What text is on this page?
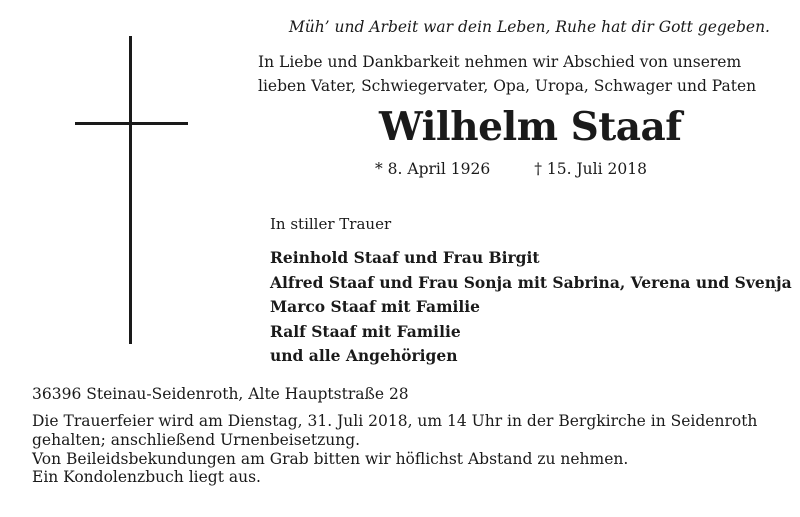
Müh’ und Arbeit war dein Leben, Ruhe hat dir Gott gegeben.
In Liebe und Dankbarkeit nehmen wir Abschied von unserem
lieben Vater, Schwiegervater, Opa, Uropa, Schwager und Paten
Wilhelm Staaf
* 8. April 1926	† 15. Juli 2018
In stiller Trauer
Reinhold Staaf und Frau Birgit
Alfred Staaf und Frau Sonja mit Sabrina, Verena und Svenja
Marco Staaf mit Familie
Ralf Staaf mit Familie
und alle Angehörigen
36396 Steinau-Seidenroth, Alte Hauptstraße 28
Die Trauerfeier wird am Dienstag, 31. Juli 2018, um 14 Uhr in der Bergkirche in Seidenroth
gehalten; anschließend Urnenbeisetzung.
Von Beileidsbekundungen am Grab bitten wir höflichst Abstand zu nehmen.
Ein Kondolenzbuch liegt aus.
